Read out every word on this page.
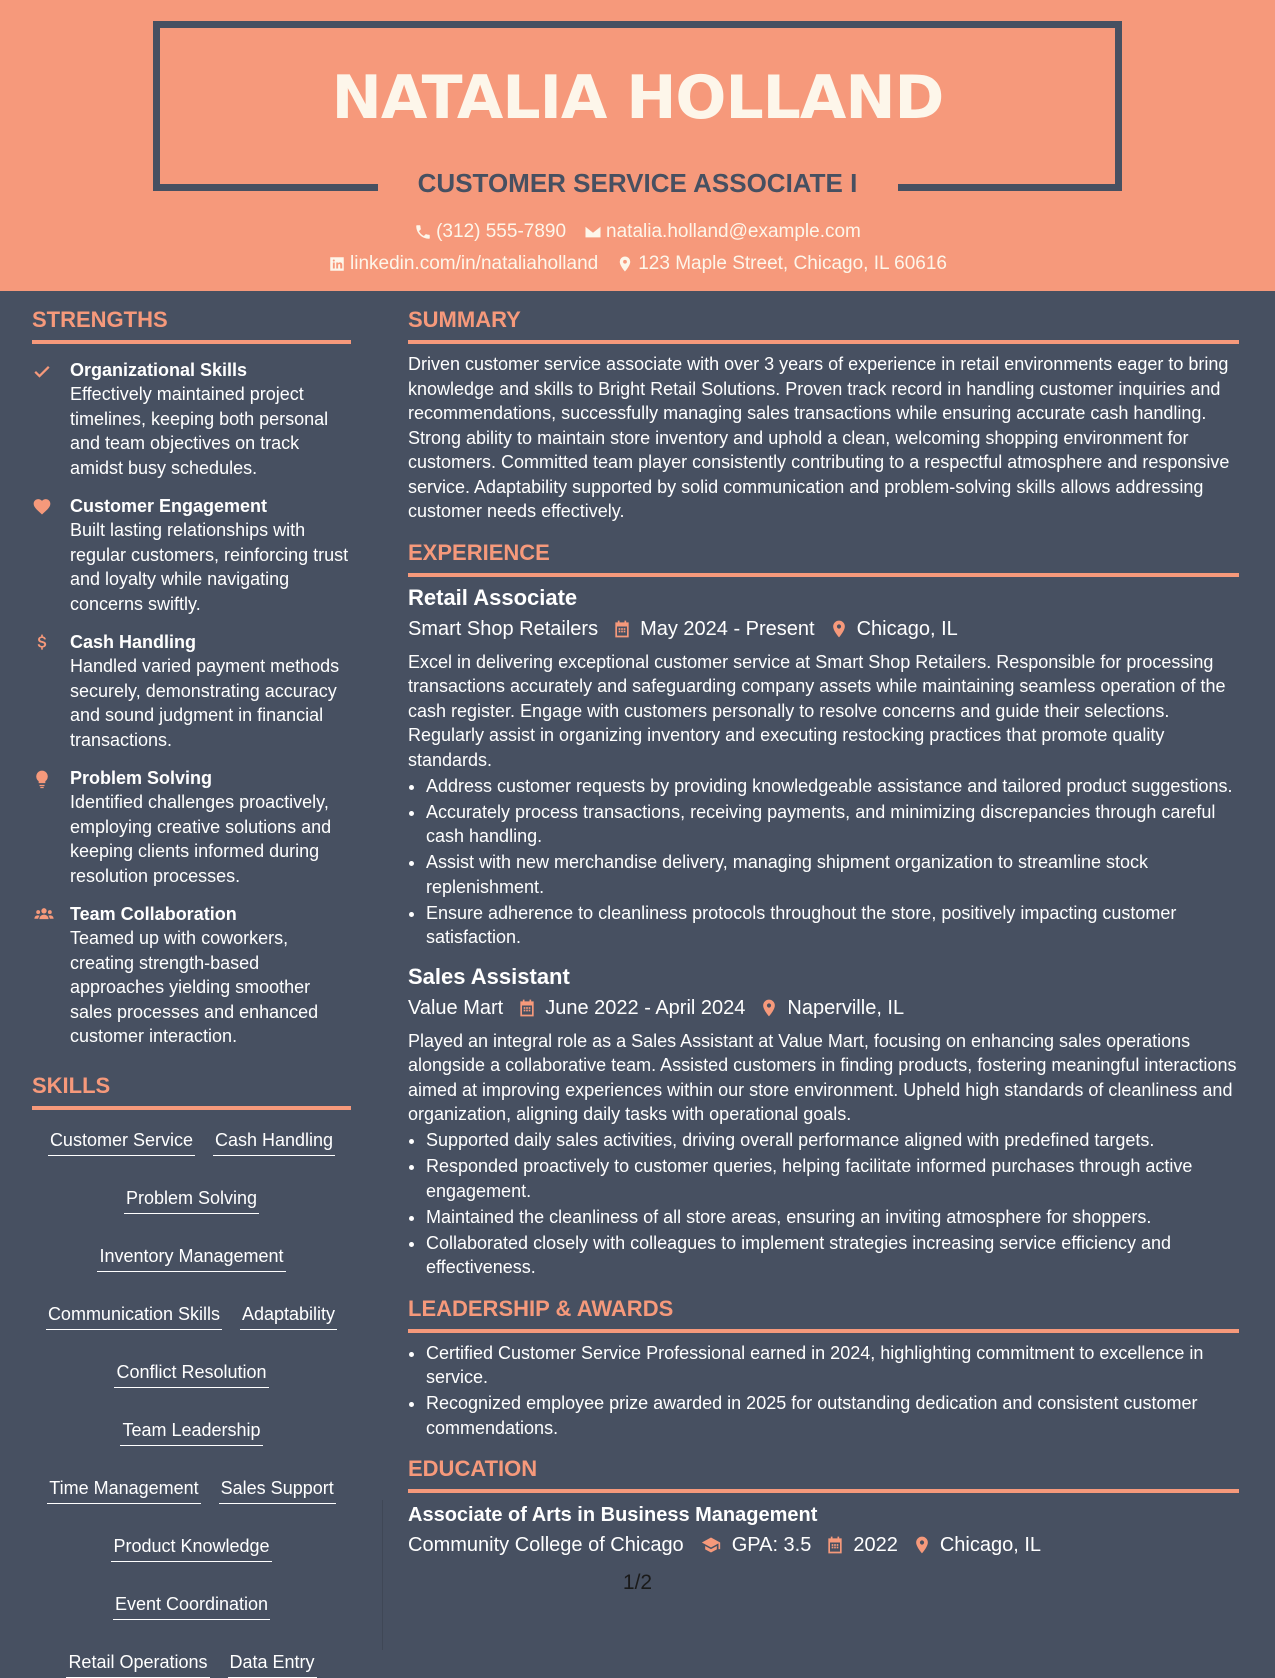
NATALIA HOLLAND
CUSTOMER SERVICE ASSOCIATE I
(312) 555-7890 natalia.holland@example.com
linkedin.com/in/nataliaholland 123 Maple Street, Chicago, IL 60616
STRENGTHS
Organizational Skills
Effectively maintained project timelines, keeping both personal and team objectives on track amidst busy schedules.
Customer Engagement
Built lasting relationships with regular customers, reinforcing trust and loyalty while navigating concerns swiftly.
Cash Handling
Handled varied payment methods securely, demonstrating accuracy and sound judgment in financial transactions.
Problem Solving
Identified challenges proactively, employing creative solutions and keeping clients informed during resolution processes.
Team Collaboration
Teamed up with coworkers, creating strength-based approaches yielding smoother sales processes and enhanced customer interaction.
SKILLS
Customer Service Cash Handling
Problem Solving
Inventory Management
Communication Skills Adaptability
Conflict Resolution
Team Leadership
Time Management Sales Support
Product Knowledge
Event Coordination
Retail Operations Data Entry
SUMMARY
Driven customer service associate with over 3 years of experience in retail environments eager to bring knowledge and skills to Bright Retail Solutions. Proven track record in handling customer inquiries and recommendations, successfully managing sales transactions while ensuring accurate cash handling. Strong ability to maintain store inventory and uphold a clean, welcoming shopping environment for customers. Committed team player consistently contributing to a respectful atmosphere and responsive service. Adaptability supported by solid communication and problem-solving skills allows addressing customer needs effectively.
EXPERIENCE
Retail Associate
Smart Shop Retailers May 2024 - Present Chicago, IL
Excel in delivering exceptional customer service at Smart Shop Retailers. Responsible for processing transactions accurately and safeguarding company assets while maintaining seamless operation of the cash register. Engage with customers personally to resolve concerns and guide their selections. Regularly assist in organizing inventory and executing restocking practices that promote quality standards.
• Address customer requests by providing knowledgeable assistance and tailored product suggestions.
• Accurately process transactions, receiving payments, and minimizing discrepancies through careful cash handling.
• Assist with new merchandise delivery, managing shipment organization to streamline stock replenishment.
• Ensure adherence to cleanliness protocols throughout the store, positively impacting customer satisfaction.
Sales Assistant
Value Mart June 2022 - April 2024 Naperville, IL
Played an integral role as a Sales Assistant at Value Mart, focusing on enhancing sales operations alongside a collaborative team. Assisted customers in finding products, fostering meaningful interactions aimed at improving experiences within our store environment. Upheld high standards of cleanliness and organization, aligning daily tasks with operational goals.
• Supported daily sales activities, driving overall performance aligned with predefined targets.
• Responded proactively to customer queries, helping facilitate informed purchases through active engagement.
• Maintained the cleanliness of all store areas, ensuring an inviting atmosphere for shoppers.
• Collaborated closely with colleagues to implement strategies increasing service efficiency and effectiveness.
LEADERSHIP & AWARDS
• Certified Customer Service Professional earned in 2024, highlighting commitment to excellence in service.
• Recognized employee prize awarded in 2025 for outstanding dedication and consistent customer commendations.
EDUCATION
Associate of Arts in Business Management
Community College of Chicago GPA: 3.5 2022 Chicago, IL
1/2
